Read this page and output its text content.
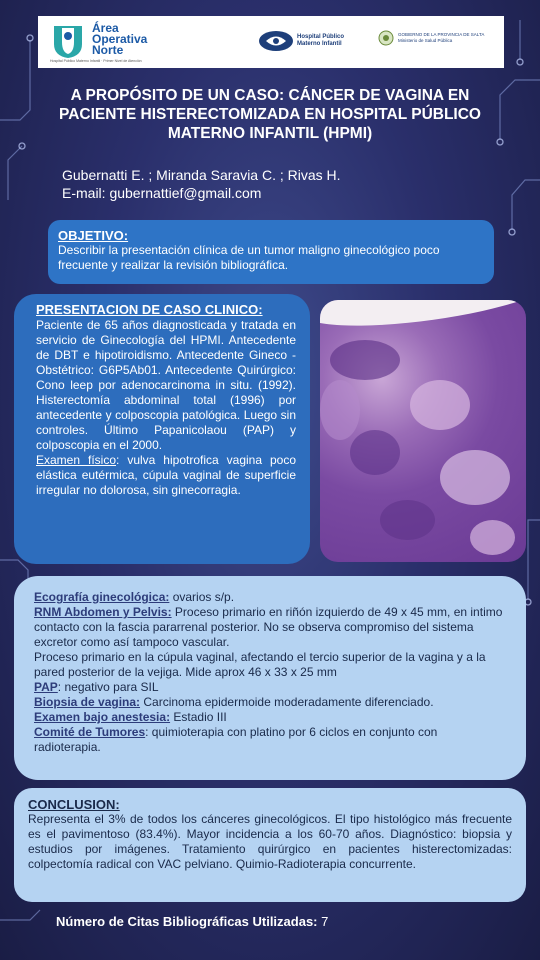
Área
Operativa
Norte
Hospital Público Materno Infantil · Primer Nivel de Atención
Hospital Público
Materno Infantil
GOBIERNO DE LA PROVINCIA DE SALTA
Ministerio de Salud Pública
A PROPÓSITO DE UN CASO: CÁNCER DE VAGINA EN PACIENTE HISTERECTOMIZADA EN HOSPITAL PÚBLICO MATERNO INFANTIL (HPMI)
Gubernatti E. ; Miranda Saravia C. ; Rivas H.
E-mail: gubernattief@gmail.com
OBJETIVO:

Describir la presentación clínica de un tumor maligno ginecológico poco frecuente y realizar la revisión bibliográfica.

PRESENTACION DE CASO CLINICO:

Paciente de 65 años diagnosticada y tratada en servicio de Ginecología del HPMI. Antecedente de DBT e hipotiroidismo. Antecedente Gineco - Obstétrico: G6P5Ab01. Antecedente Quirúrgico: Cono leep por adenocarcinoma in situ. (1992). Histerectomía abdominal total (1996) por antecedente y colposcopia patológica. Luego sin controles. Último Papanicolaou (PAP) y colposcopia en el 2000.

Examen físico: vulva hipotrofica vagina poco elástica eutérmica, cúpula vaginal de superficie irregular no dolorosa, sin ginecorragia.

Ecografía ginecológica: ovarios s/p.

RNM Abdomen y Pelvis: Proceso primario en riñón izquierdo de 49 x 45 mm, en intimo contacto con la fascia pararrenal posterior. No se observa compromiso del sistema excretor como así tampoco vascular.

Proceso primario en la cúpula vaginal, afectando el tercio superior de la vagina y a la pared posterior de la vejiga. Mide aprox 46 x 33 x 25 mm

PAP: negativo para SIL

Biopsia de vagina: Carcinoma epidermoide moderadamente diferenciado.

Examen bajo anestesia: Estadio III

Comité de Tumores: quimioterapia con platino por 6 ciclos en conjunto con radioterapia.

CONCLUSION:

Representa el 3% de todos los cánceres ginecológicos. El tipo histológico más frecuente es el pavimentoso (83.4%). Mayor incidencia a los 60-70 años. Diagnóstico: biopsia y estudios por imágenes. Tratamiento quirúrgico en pacientes histerectomizadas: colpectomía radical con VAC pelviano. Quimio-Radioterapia concurrente.

Número de Citas Bibliográficas Utilizadas: 7
